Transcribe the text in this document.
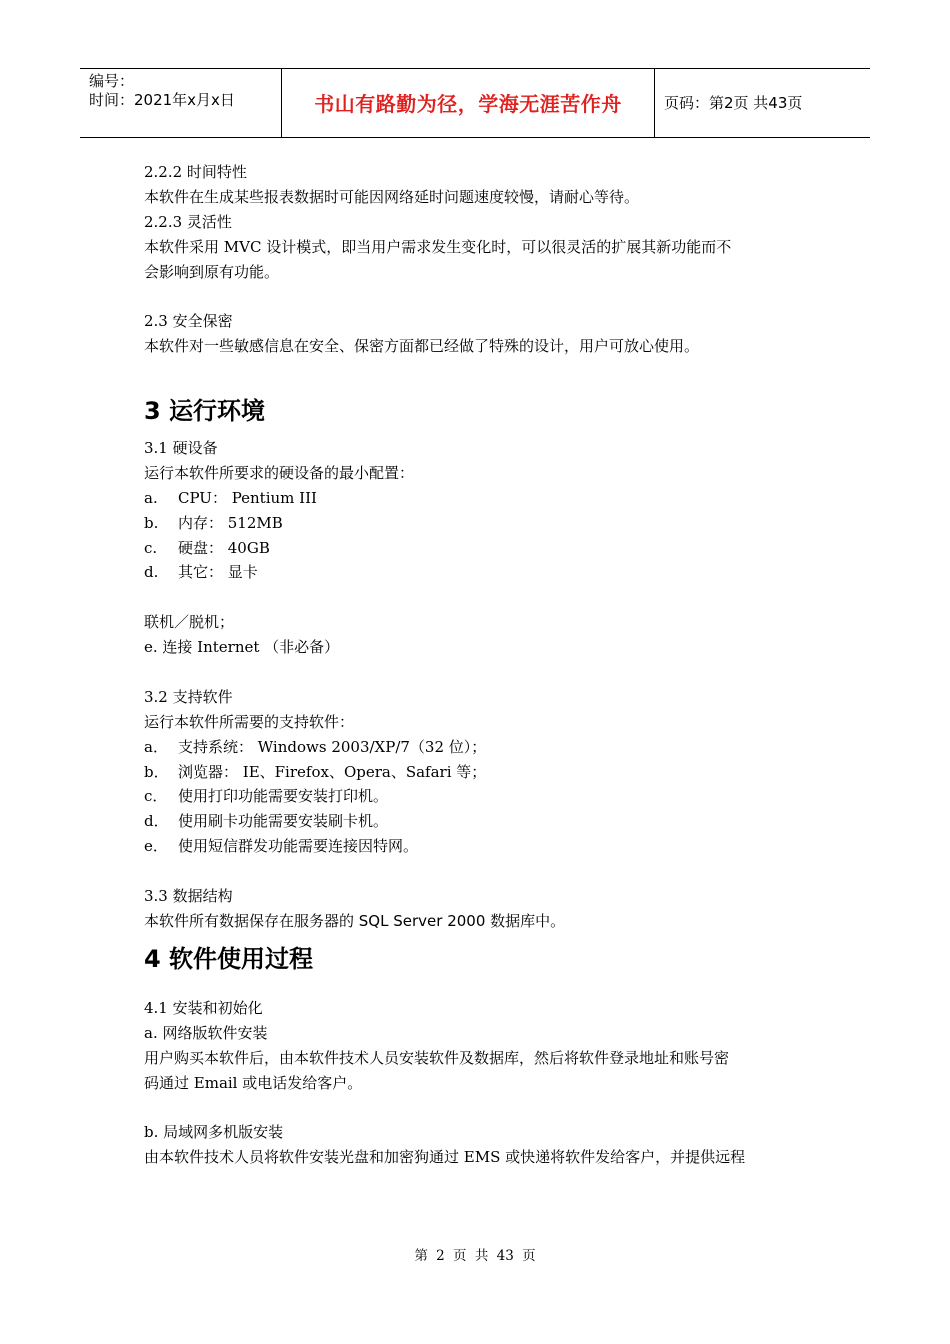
编号：
时间：2021年x月x日	书山有路勤为径，学海无涯苦作舟	页码：第2页 共43页
2.2.2 时间特性
本软件在生成某些报表数据时可能因网络延时问题速度较慢，请耐心等待。
2.2.3 灵活性
本软件采用 MVC 设计模式，即当用户需求发生变化时，可以很灵活的扩展其新功能而不
会影响到原有功能。
2.3 安全保密
本软件对一些敏感信息在安全、保密方面都已经做了特殊的设计，用户可放心使用。
3 运行环境
3.1 硬设备
运行本软件所要求的硬设备的最小配置：
a.	CPU： Pentium III
b.	内存： 512MB
c.	硬盘： 40GB
d.	其它： 显卡
联机／脱机；
e. 连接 Internet （非必备）
3.2 支持软件
运行本软件所需要的支持软件：
a． 支持系统： Windows 2003/XP/7（32 位）；
b． 浏览器： IE、Firefox、Opera、Safari 等；
c． 使用打印功能需要安装打印机。
d． 使用刷卡功能需要安装刷卡机。
e． 使用短信群发功能需要连接因特网。
3.3 数据结构
本软件所有数据保存在服务器的 SQL Server 2000 数据库中。
4 软件使用过程
4.1 安装和初始化
a. 网络版软件安装
用户购买本软件后，由本软件技术人员安装软件及数据库，然后将软件登录地址和账号密
码通过 Email 或电话发给客户。
b. 局域网多机版安装
由本软件技术人员将软件安装光盘和加密狗通过 EMS 或快递将软件发给客户，并提供远程
第 2 页 共 43 页
